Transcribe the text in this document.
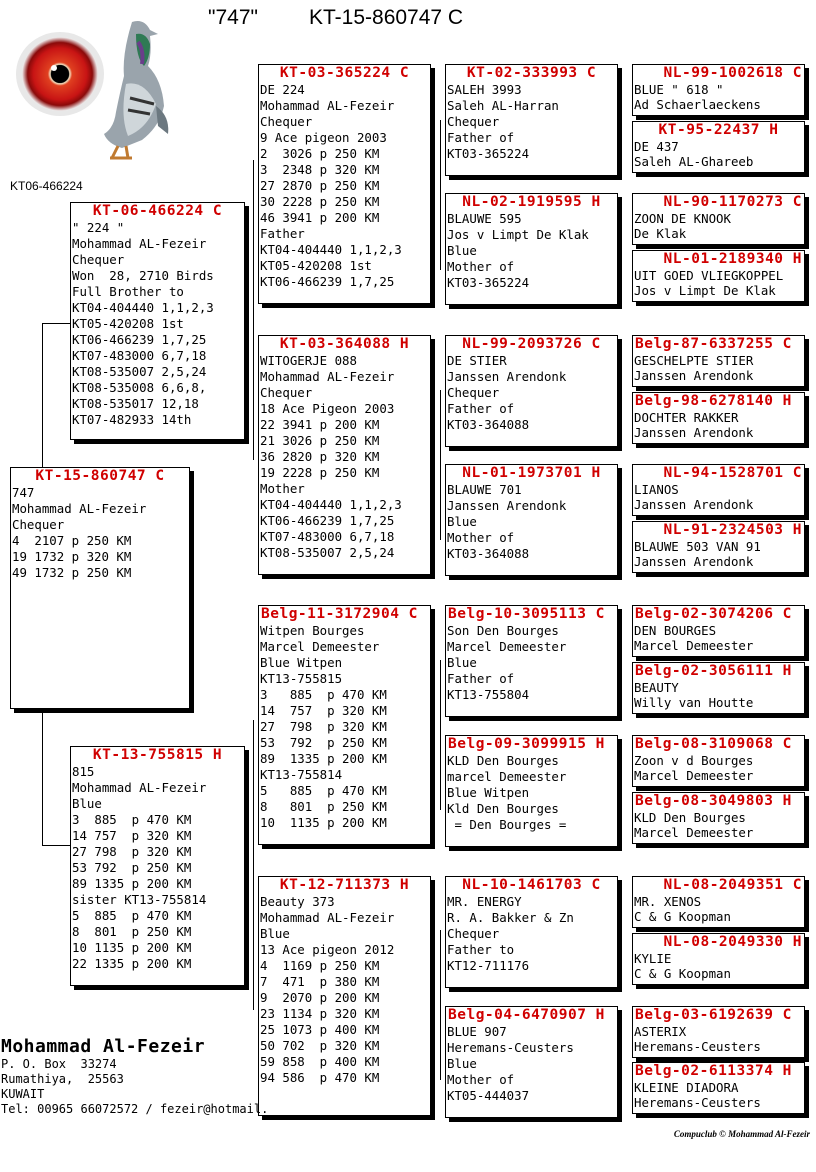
"747" KT-15-860747 C
KT06-466224
KT-15-860747 C
747
Mohammad AL-Fezeir
Chequer
4  2107 p 250 KM
19 1732 p 320 KM
49 1732 p 250 KM
KT-06-466224 C
" 224 "
Mohammad AL-Fezeir
Chequer
Won  28, 2710 Birds
Full Brother to
KT04-404440 1,1,2,3
KT05-420208 1st
KT06-466239 1,7,25
KT07-483000 6,7,18
KT08-535007 2,5,24
KT08-535008 6,6,8,
KT08-535017 12,18
KT07-482933 14th
KT-13-755815 H
815
Mohammad AL-Fezeir
Blue
3  885  p 470 KM
14 757  p 320 KM
27 798  p 320 KM
53 792  p 250 KM
89 1335 p 200 KM
sister KT13-755814
5  885  p 470 KM
8  801  p 250 KM
10 1135 p 200 KM
22 1335 p 200 KM
KT-03-365224 C
DE 224
Mohammad AL-Fezeir
Chequer
9 Ace pigeon 2003
2  3026 p 250 KM
3  2348 p 320 KM
27 2870 p 250 KM
30 2228 p 250 KM
46 3941 p 200 KM
Father
KT04-404440 1,1,2,3
KT05-420208 1st
KT06-466239 1,7,25
KT-03-364088 H
WITOGERJE 088
Mohammad AL-Fezeir
Chequer
18 Ace Pigeon 2003
22 3941 p 200 KM
21 3026 p 250 KM
36 2820 p 320 KM
19 2228 p 250 KM
Mother
KT04-404440 1,1,2,3
KT06-466239 1,7,25
KT07-483000 6,7,18
KT08-535007 2,5,24
Belg-11-3172904 C
Witpen Bourges
Marcel Demeester
Blue Witpen
KT13-755815
3   885  p 470 KM
14  757  p 320 KM
27  798  p 320 KM
53  792  p 250 KM
89  1335 p 200 KM
KT13-755814
5   885  p 470 KM
8   801  p 250 KM
10  1135 p 200 KM
KT-12-711373 H
Beauty 373
Mohammad AL-Fezeir
Blue
13 Ace pigeon 2012
4  1169 p 250 KM
7  471  p 380 KM
9  2070 p 200 KM
23 1134 p 320 KM
25 1073 p 400 KM
50 702  p 320 KM
59 858  p 400 KM
94 586  p 470 KM
KT-02-333993 C
SALEH 3993
Saleh AL-Harran
Chequer
Father of
KT03-365224
NL-02-1919595 H
BLAUWE 595
Jos v Limpt De Klak
Blue
Mother of
KT03-365224
NL-99-2093726 C
DE STIER
Janssen Arendonk
Chequer
Father of
KT03-364088
NL-01-1973701 H
BLAUWE 701
Janssen Arendonk
Blue
Mother of
KT03-364088
Belg-10-3095113 C
Son Den Bourges
Marcel Demeester
Blue
Father of
KT13-755804
Belg-09-3099915 H
KLD Den Bourges
marcel Demeester
Blue Witpen
Kld Den Bourges
= Den Bourges =
NL-10-1461703 C
MR. ENERGY
R. A. Bakker & Zn
Chequer
Father to
KT12-711176
Belg-04-6470907 H
BLUE 907
Heremans-Ceusters
Blue
Mother of
KT05-444037
NL-99-1002618 C
BLUE " 618 "
Ad Schaerlaeckens
KT-95-22437 H
DE 437
Saleh AL-Ghareeb
NL-90-1170273 C
ZOON DE KNOOK
De Klak
NL-01-2189340 H
UIT GOED VLIEGKOPPEL
Jos v Limpt De Klak
Belg-87-6337255 C
GESCHELPTE STIER
Janssen Arendonk
Belg-98-6278140 H
DOCHTER RAKKER
Janssen Arendonk
NL-94-1528701 C
LIANOS
Janssen Arendonk
NL-91-2324503 H
BLAUWE 503 VAN 91
Janssen Arendonk
Belg-02-3074206 C
DEN BOURGES
Marcel Demeester
Belg-02-3056111 H
BEAUTY
Willy van Houtte
Belg-08-3109068 C
Zoon v d Bourges
Marcel Demeester
Belg-08-3049803 H
KLD Den Bourges
Marcel Demeester
NL-08-2049351 C
MR. XENOS
C & G Koopman
NL-08-2049330 H
KYLIE
C & G Koopman
Belg-03-6192639 C
ASTERIX
Heremans-Ceusters
Belg-02-6113374 H
KLEINE DIADORA
Heremans-Ceusters
Mohammad Al-Fezeir
P. O. Box  33274
Rumathiya,  25563
KUWAIT
Tel: 00965 66072572 / fezeir@hotmail.
Compuclub © Mohammad Al-Fezeir
